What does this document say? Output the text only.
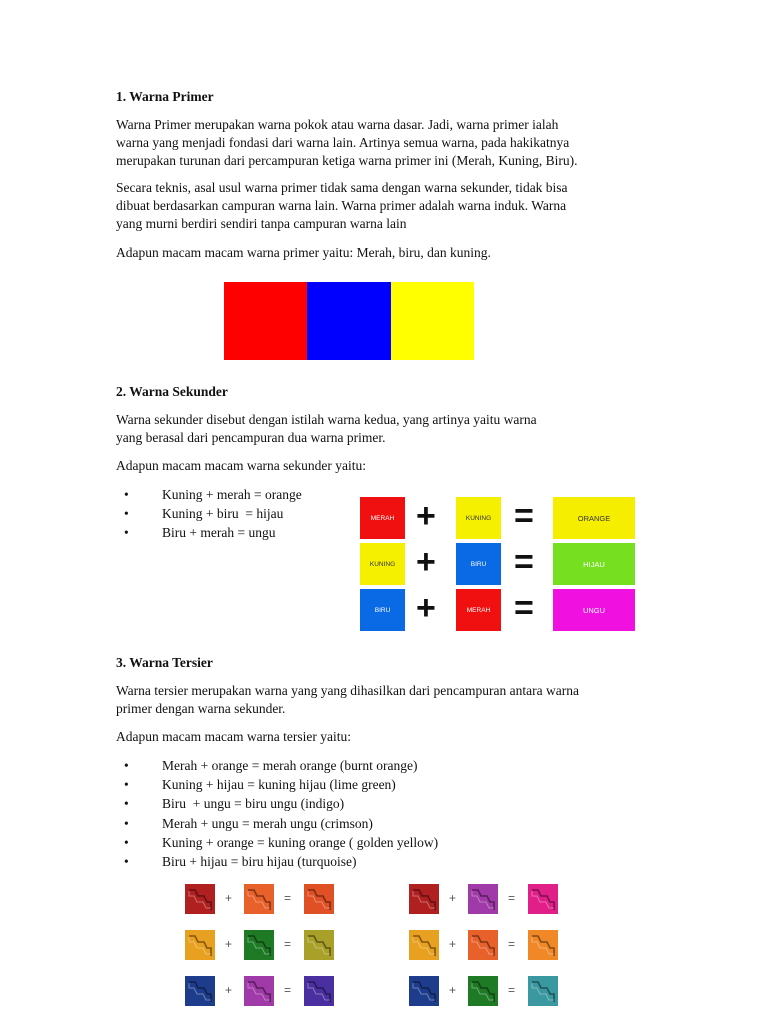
1. Warna Primer
Warna Primer merupakan warna pokok atau warna dasar. Jadi, warna primer ialah
warna yang menjadi fondasi dari warna lain. Artinya semua warna, pada hakikatnya
merupakan turunan dari percampuran ketiga warna primer ini (Merah, Kuning, Biru).
Secara teknis, asal usul warna primer tidak sama dengan warna sekunder, tidak bisa
dibuat berdasarkan campuran warna lain. Warna primer adalah warna induk. Warna
yang murni berdiri sendiri tanpa campuran warna lain
Adapun macam macam warna primer yaitu: Merah, biru, dan kuning.
2. Warna Sekunder
Warna sekunder disebut dengan istilah warna kedua, yang artinya yaitu warna
yang berasal dari pencampuran dua warna primer.
Adapun macam macam warna sekunder yaitu:
• Kuning + merah = orange
• Kuning + biru  = hijau
• Biru + merah = ungu
MERAH +	KUNING =	ORANGE
KUNING +	BIRU =	HIJAU
BIRU +	MERAH =	UNGU
3. Warna Tersier
Warna tersier merupakan warna yang yang dihasilkan dari pencampuran antara warna
primer dengan warna sekunder.
Adapun macam macam warna tersier yaitu:
• Merah + orange = merah orange (burnt orange)
• Kuning + hijau = kuning hijau (lime green)
• Biru  + ungu = biru ungu (indigo)
• Merah + ungu = merah ungu (crimson)
• Kuning + orange = kuning orange ( golden yellow)
• Biru + hijau = biru hijau (turquoise)
+	=
+	=
+	=
+	=
+	=
+	=
